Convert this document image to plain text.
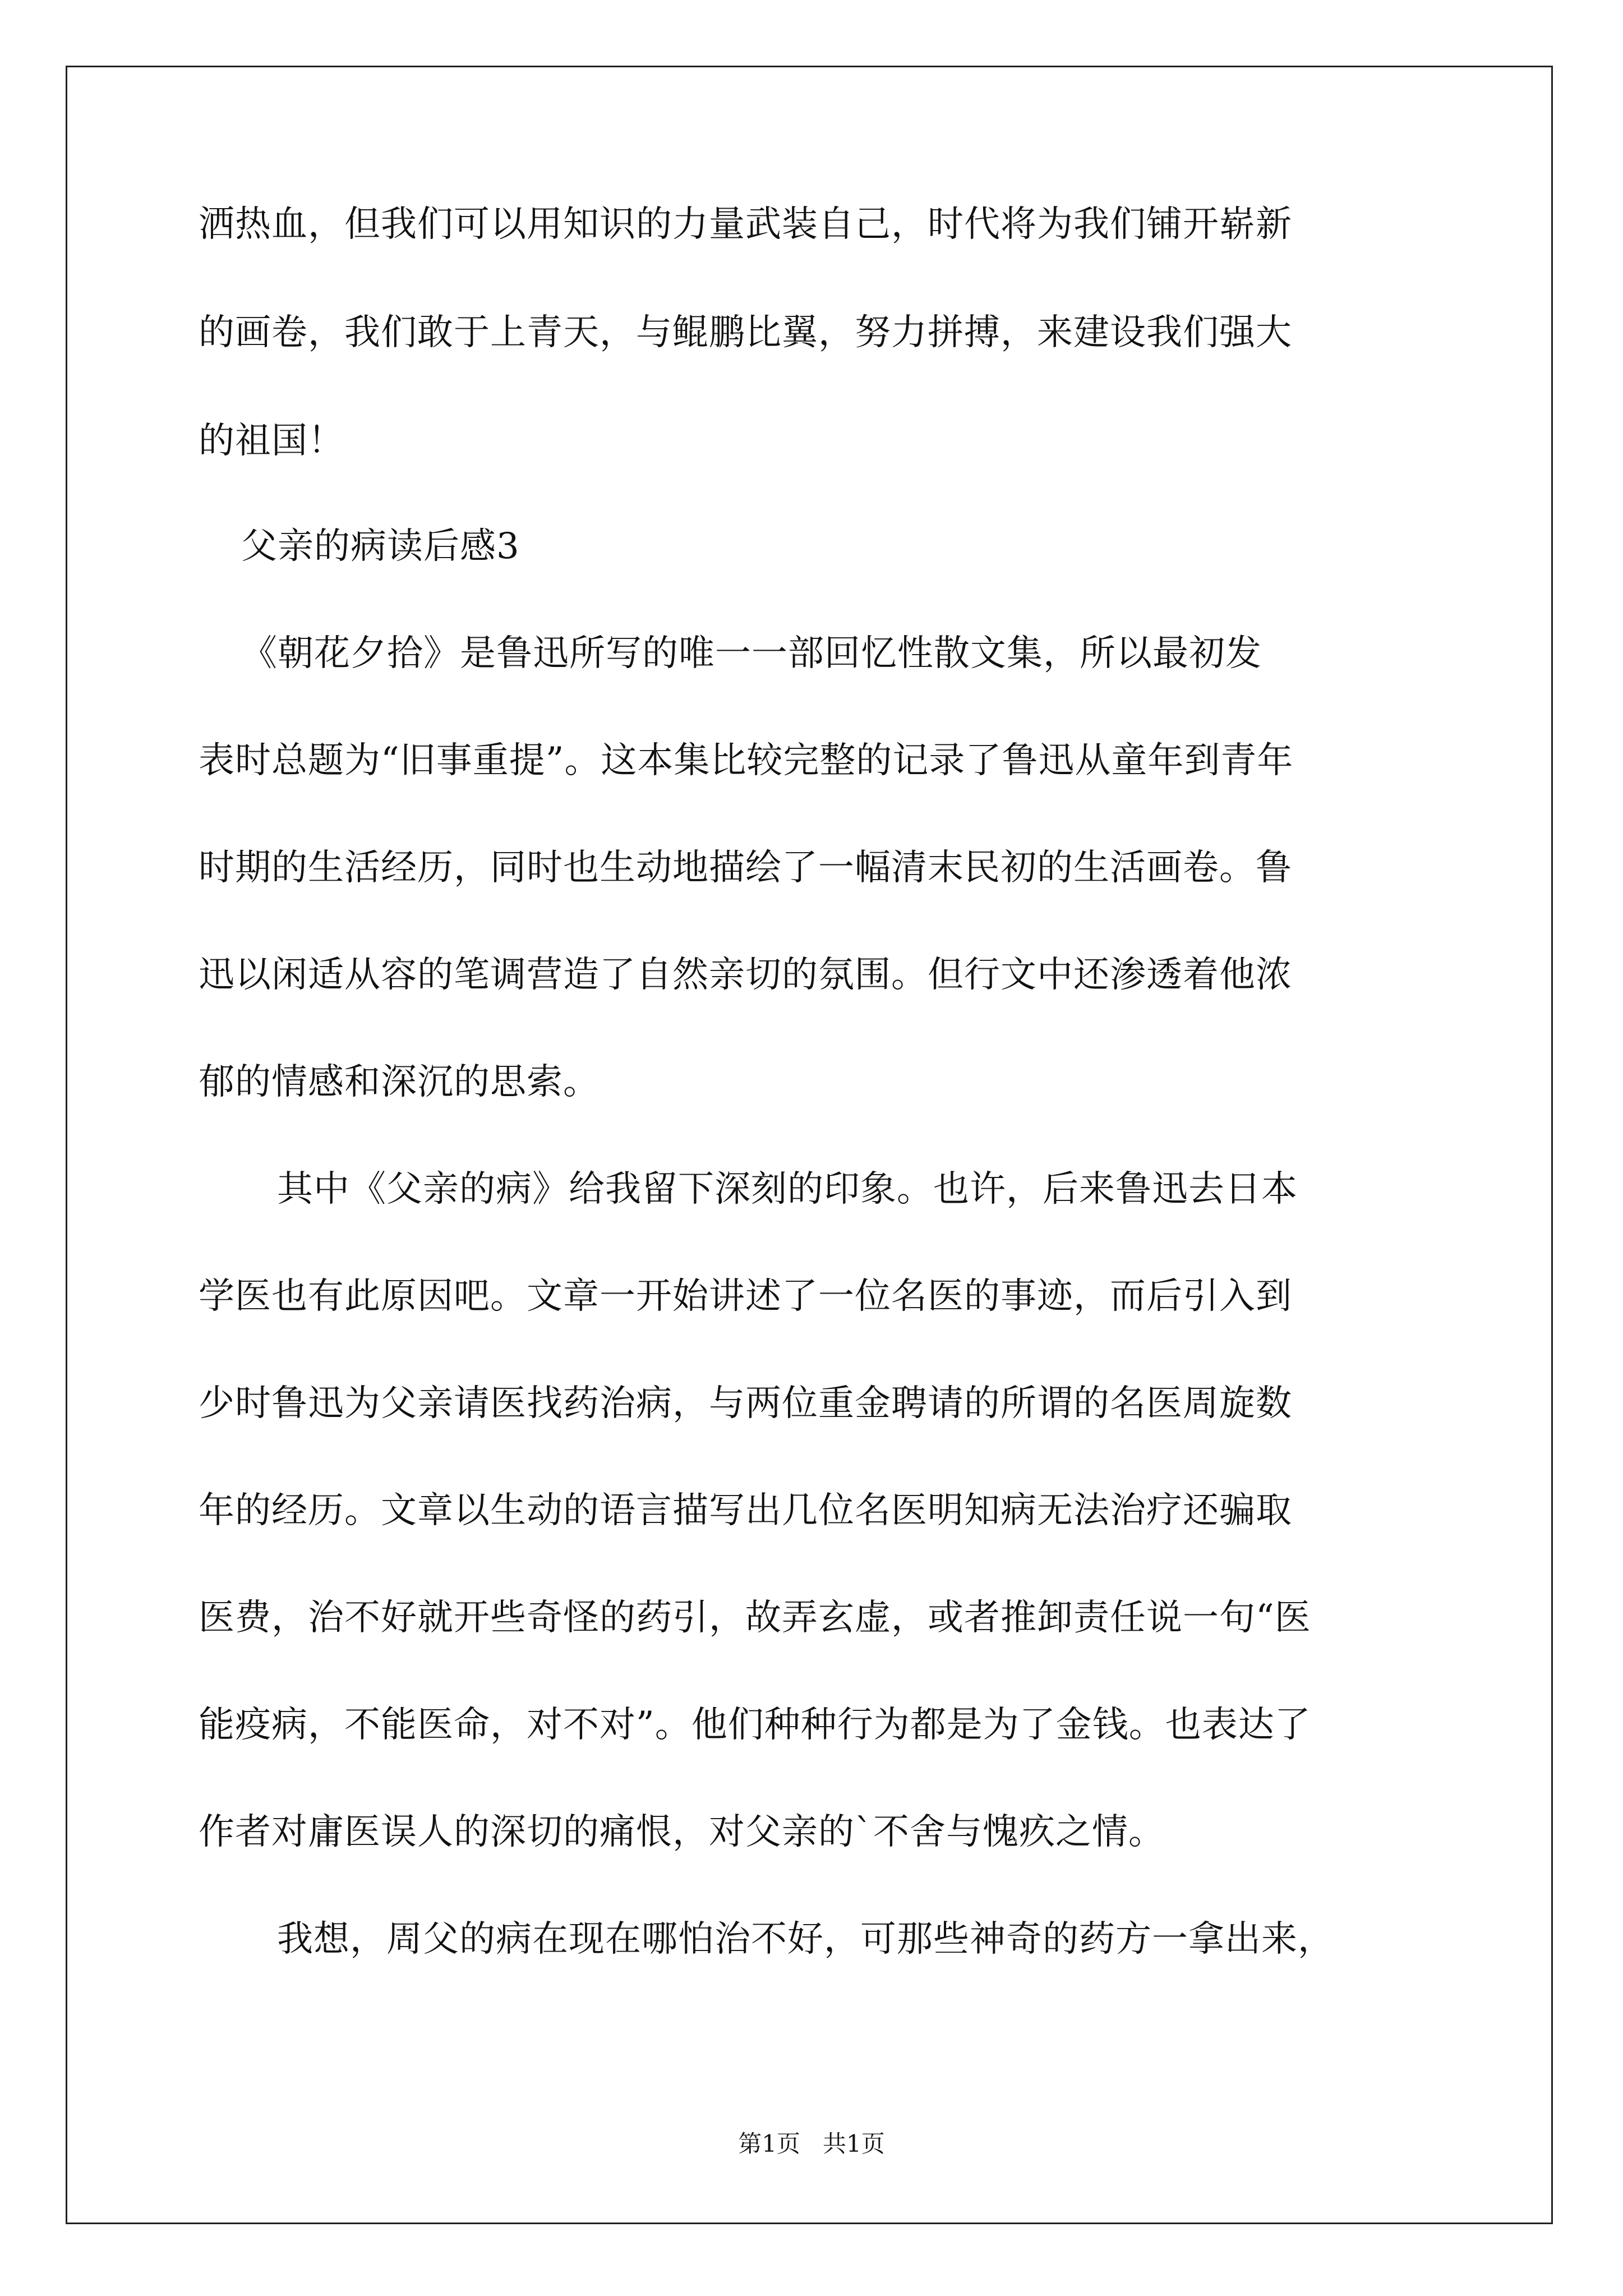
洒热血，但我们可以用知识的力量武装自己，时代将为我们铺开崭新
的画卷，我们敢于上青天，与鲲鹏比翼，努力拼搏，来建设我们强大
的祖国！
父亲的病读后感3
《朝花夕拾》是鲁迅所写的唯一一部回忆性散文集，所以最初发
表时总题为“旧事重提”。这本集比较完整的记录了鲁迅从童年到青年
时期的生活经历，同时也生动地描绘了一幅清末民初的生活画卷。鲁
迅以闲适从容的笔调营造了自然亲切的氛围。但行文中还渗透着他浓
郁的情感和深沉的思索。
其中《父亲的病》给我留下深刻的印象。也许，后来鲁迅去日本
学医也有此原因吧。文章一开始讲述了一位名医的事迹，而后引入到
少时鲁迅为父亲请医找药治病，与两位重金聘请的所谓的名医周旋数
年的经历。文章以生动的语言描写出几位名医明知病无法治疗还骗取
医费，治不好就开些奇怪的药引，故弄玄虚，或者推卸责任说一句“医
能疫病，不能医命，对不对”。他们种种行为都是为了金钱。也表达了
作者对庸医误人的深切的痛恨，对父亲的`不舍与愧疚之情。
我想，周父的病在现在哪怕治不好，可那些神奇的药方一拿出来，
第1页   共1页
